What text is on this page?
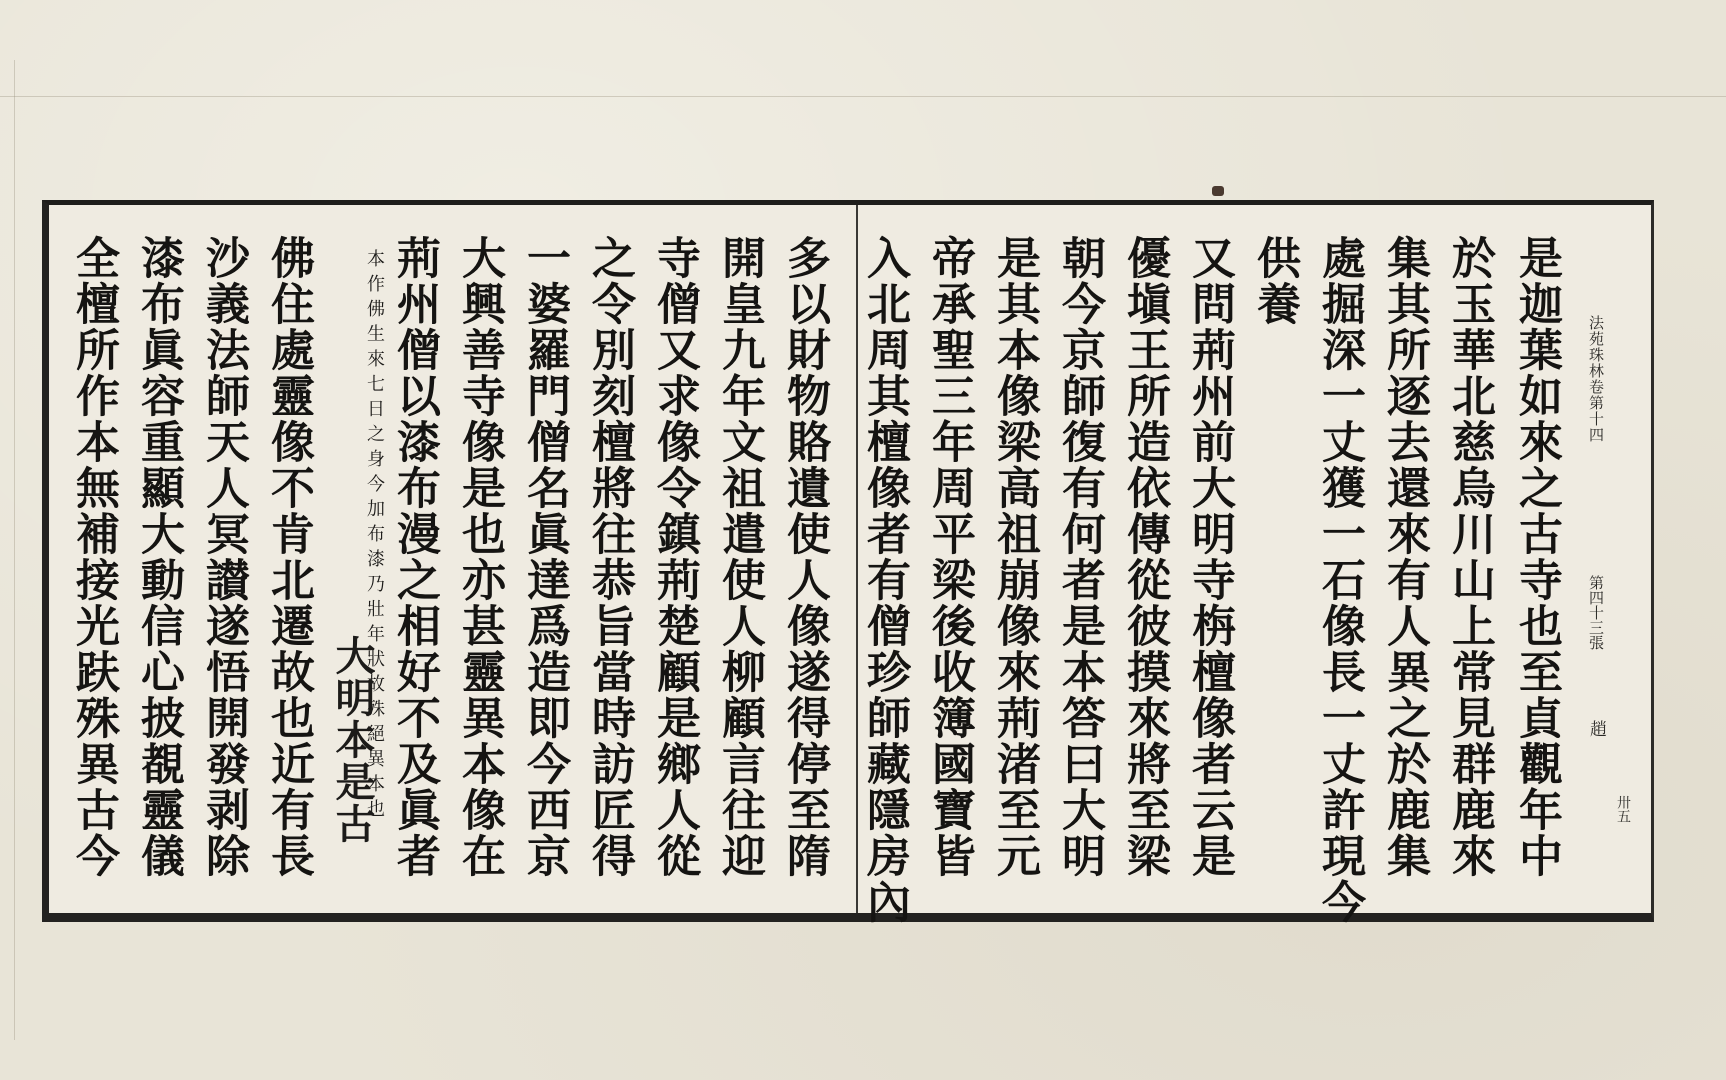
是迦葉如來之古寺也至貞觀年中
於玉華北慈烏川山上常見群鹿來
集其所逐去還來有人異之於鹿集
處掘深一丈獲一石像長一丈許現今
供養
又問荊州前大明寺栴檀像者云是
優塡王所造依傳從彼摸來將至梁
朝今京師復有何者是本答曰大明
是其本像梁高祖崩像來荊渚至元
帝承聖三年周平梁後收簿國寶皆
入北周其檀像者有僧珍師藏隱房內
多以財物賂遺使人像遂得停至隋
開皇九年文祖遣使人柳顧言往迎
寺僧又求像令鎮荊楚顧是鄉人從
之令別刻檀將往恭旨當時訪匠得
一婆羅門僧名眞達爲造即今西京
大興善寺像是也亦甚靈異本像在
荊州僧以漆布漫之相好不及眞者
本作佛生來七日之身今加布漆乃壯年狀故殊絕異本也
大明本是古
佛住處靈像不肯北遷故也近有長
沙義法師天人冥讃遂悟開發剥除
漆布眞容重顯大動信心披覩靈儀
全檀所作本無補接光趺殊異古今	法苑珠林卷第十四
第四十三張
趙
卅五
